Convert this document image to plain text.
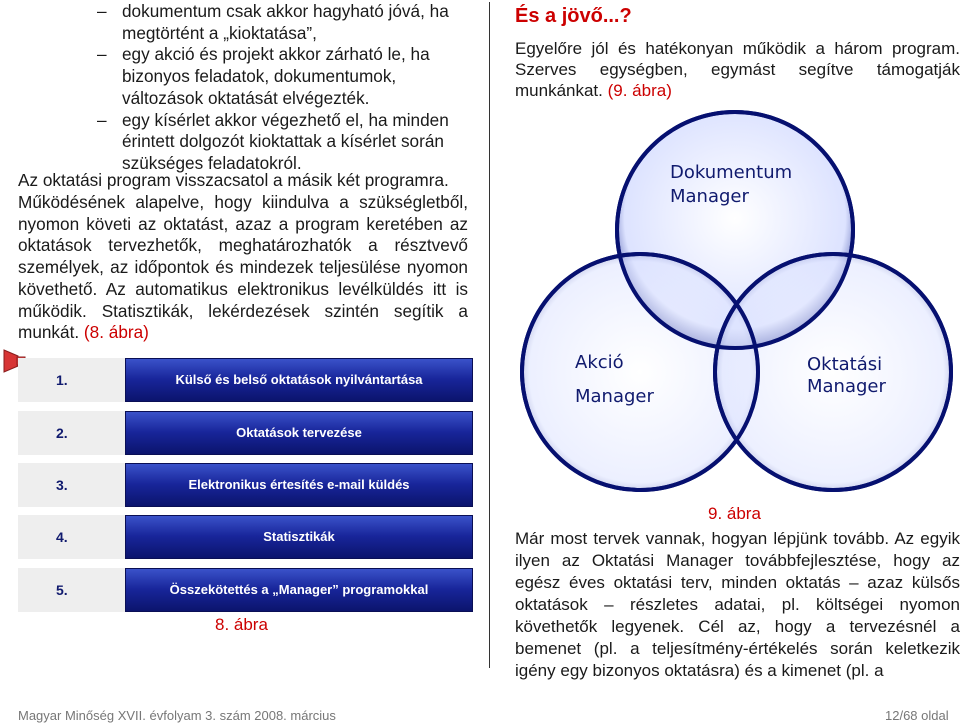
– dokumentum csak akkor hagyható jóvá, ha megtörtént a „kioktatása”,
– egy akció és projekt akkor zárható le, ha bizonyos feladatok, dokumentumok, változások oktatását elvégezték.
– egy kísérlet akkor végezhető el, ha minden érintett dolgozót kioktattak a kísérlet során szükséges feladatokról.
Az oktatási program visszacsatol a másik két programra.
Működésének alapelve, hogy kiindulva a szükségletből, nyomon követi az oktatást, azaz a program keretében az oktatások tervezhetők, meghatározhatók a résztvevő személyek, az időpontok és mindezek teljesülése nyomon követhető. Az automatikus elektronikus levélküldés itt is működik. Statisztikák, lekérdezések szintén segítik a munkát. (8. ábra)
1.	Külső és belső oktatások nyilvántartása
2.	Oktatások tervezése
3.	Elektronikus értesítés e-mail küldés
4.	Statisztikák
5.	Összekötettés a „Manager” programokkal
8. ábra
És a jövő...?
Egyelőre jól és hatékonyan működik a három program. Szerves egységben, egymást segítve támogatják munkánkat. (9. ábra)
Dokumentum
Manager
Akció
Manager
Oktatási
Manager
9. ábra
Már most tervek vannak, hogyan lépjünk tovább. Az egyik ilyen az Oktatási Manager továbbfejlesztése, hogy az egész éves oktatási terv, minden oktatás – azaz külsős oktatások – részletes adatai, pl. költségei nyomon követhetők legyenek. Cél az, hogy a tervezésnél a bemenet (pl. a teljesítmény-értékelés során keletkezik igény egy bizonyos oktatásra) és a kimenet (pl. a
Magyar Minőség XVII. évfolyam 3. szám 2008. március	12/68 oldal
